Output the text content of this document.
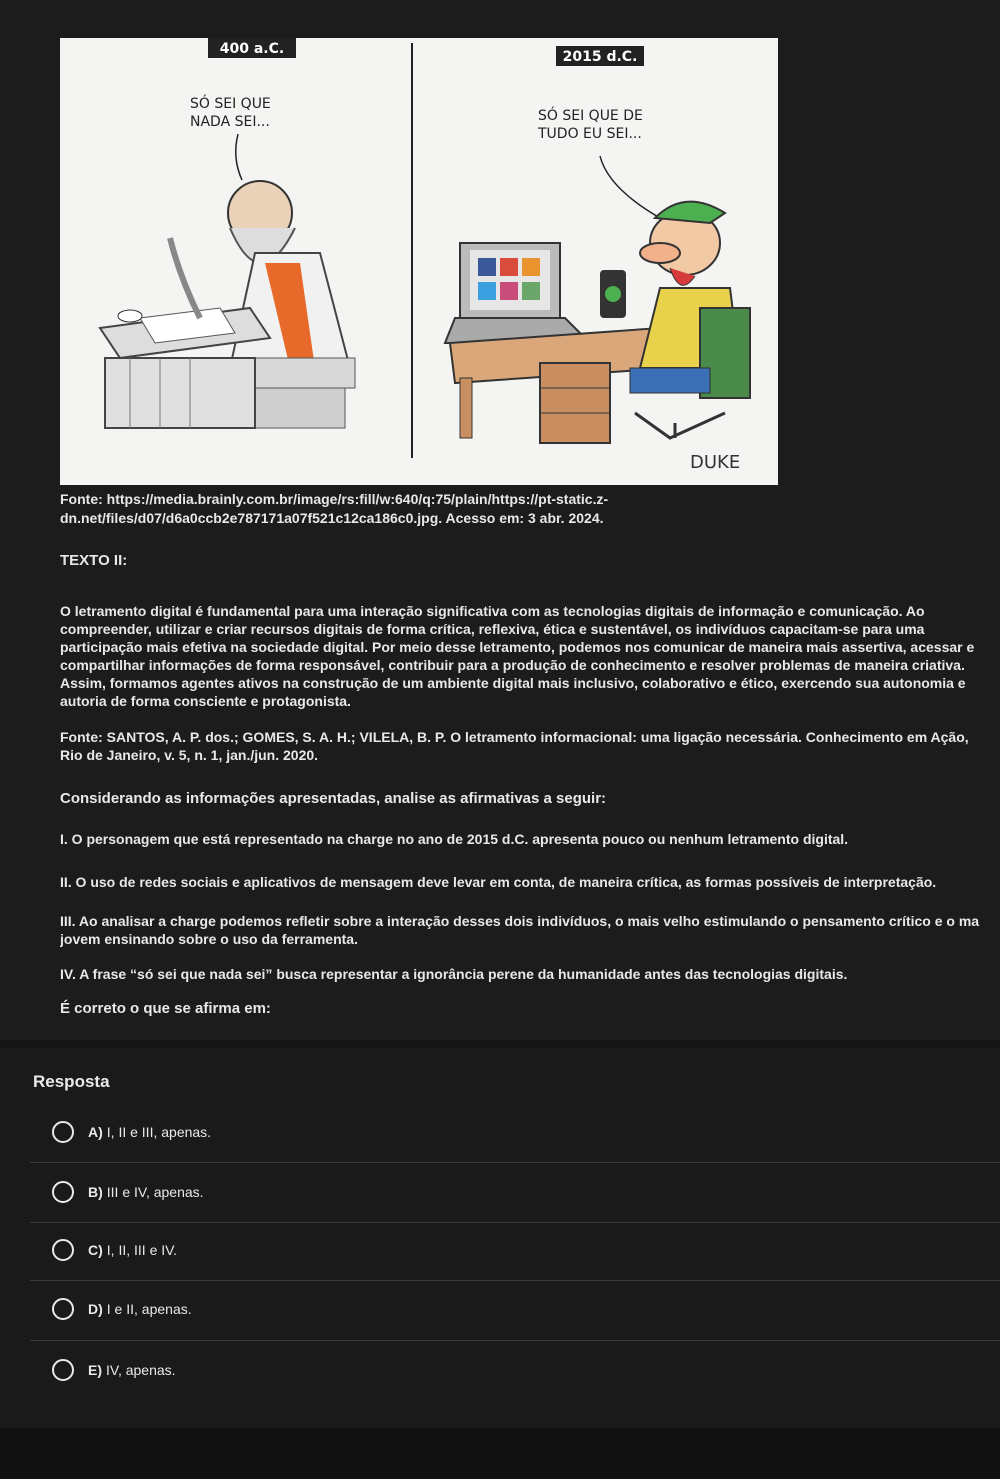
400 a.C.	2015 d.C.
SÓ SEI QUE
NADA SEI...	SÓ SEI QUE DE
TUDO EU SEI...
DUKE
Fonte: https://media.brainly.com.br/image/rs:fill/w:640/q:75/plain/https://pt-static.z-dn.net/files/d07/d6a0ccb2e787171a07f521c12ca186c0.jpg. Acesso em: 3 abr. 2024.
TEXTO II:
O letramento digital é fundamental para uma interação significativa com as tecnologias digitais de informação e comunicação. Ao
compreender, utilizar e criar recursos digitais de forma crítica, reflexiva, ética e sustentável, os indivíduos capacitam-se para uma
participação mais efetiva na sociedade digital. Por meio desse letramento, podemos nos comunicar de maneira mais assertiva, acessar e
compartilhar informações de forma responsável, contribuir para a produção de conhecimento e resolver problemas de maneira criativa.
Assim, formamos agentes ativos na construção de um ambiente digital mais inclusivo, colaborativo e ético, exercendo sua autonomia e
autoria de forma consciente e protagonista.
Fonte: SANTOS, A. P. dos.; GOMES, S. A. H.; VILELA, B. P. O letramento informacional: uma ligação necessária. Conhecimento em Ação,
Rio de Janeiro, v. 5, n. 1, jan./jun. 2020.
Considerando as informações apresentadas, analise as afirmativas a seguir:
I. O personagem que está representado na charge no ano de 2015 d.C. apresenta pouco ou nenhum letramento digital.
II. O uso de redes sociais e aplicativos de mensagem deve levar em conta, de maneira crítica, as formas possíveis de interpretação.
III. Ao analisar a charge podemos refletir sobre a interação desses dois indivíduos, o mais velho estimulando o pensamento crítico e o ma
jovem ensinando sobre o uso da ferramenta.
IV. A frase “só sei que nada sei” busca representar a ignorância perene da humanidade antes das tecnologias digitais.
É correto o que se afirma em:
Resposta
A) I, II e III, apenas.
B) III e IV, apenas.
C) I, II, III e IV.
D) I e II, apenas.
E) IV, apenas.
